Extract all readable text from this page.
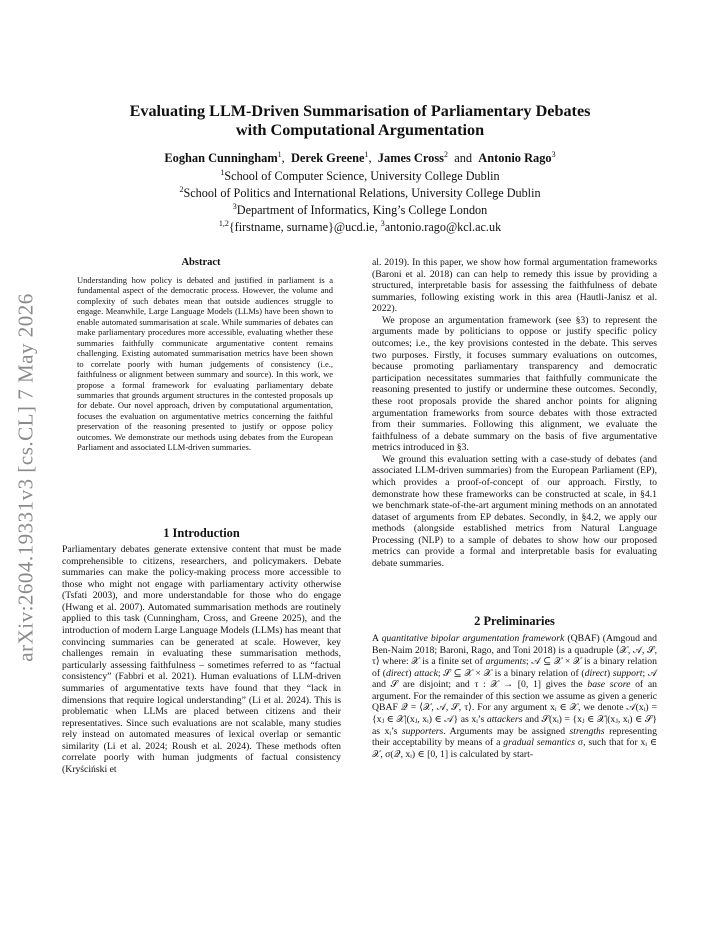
arXiv:2604.19331v3 [cs.CL] 7 May 2026
Evaluating LLM-Driven Summarisation of Parliamentary Debates
with Computational Argumentation
Eoghan Cunningham$^1$, Derek Greene$^1$, James Cross$^2$ and Antonio Rago$^3$
$^1$School of Computer Science, University College Dublin
$^2$School of Politics and International Relations, University College Dublin
$^3$Department of Informatics, King’s College London
$^{1,2}${firstname, surname}@ucd.ie, $^3$antonio.rago@kcl.ac.uk
Abstract
Understanding how policy is debated and justified in parliament is a fundamental aspect of the democratic process. However, the volume and complexity of such debates mean that outside audiences struggle to engage. Meanwhile, Large Language Models (LLMs) have been shown to enable automated summarisation at scale. While summaries of debates can make parliamentary procedures more accessible, evaluating whether these summaries faithfully communicate argumentative content remains challenging. Existing automated summarisation metrics have been shown to correlate poorly with human judgements of consistency (i.e., faithfulness or alignment between summary and source). In this work, we propose a formal framework for evaluating parliamentary debate summaries that grounds argument structures in the contested proposals up for debate. Our novel approach, driven by computational argumentation, focuses the evaluation on argumentative metrics concerning the faithful preservation of the reasoning presented to justify or oppose policy outcomes. We demonstrate our methods using debates from the European Parliament and associated LLM-driven summaries.
1 Introduction

Parliamentary debates generate extensive content that must be made comprehensible to citizens, researchers, and policymakers. Debate summaries can make the policy-making process more accessible to those who might not engage with parliamentary activity otherwise (Tsfati 2003), and more understandable for those who do engage (Hwang et al. 2007). Automated summarisation methods are routinely applied to this task (Cunningham, Cross, and Greene 2025), and the introduction of modern Large Language Models (LLMs) has meant that convincing summaries can be generated at scale. However, key challenges remain in evaluating these summarisation methods, particularly assessing faithfulness – sometimes referred to as “factual consistency” (Fabbri et al. 2021). Human evaluations of LLM-driven summaries of argumentative texts have found that they “lack in dimensions that require logical understanding” (Li et al. 2024). This is problematic when LLMs are placed between citizens and their representatives. Since such evaluations are not scalable, many studies rely instead on automated measures of lexical overlap or semantic similarity (Li et al. 2024; Roush et al. 2024). These methods often correlate poorly with human judgments of factual consistency (Kryściński et

al. 2019). In this paper, we show how formal argumentation frameworks (Baroni et al. 2018) can can help to remedy this issue by providing a structured, interpretable basis for assessing the faithfulness of debate summaries, following existing work in this area (Hautli-Janisz et al. 2022).

We propose an argumentation framework (see §3) to represent the arguments made by politicians to oppose or justify specific policy outcomes; i.e., the key provisions contested in the debate. This serves two purposes. Firstly, it focuses summary evaluations on outcomes, because promoting parliamentary transparency and democratic participation necessitates summaries that faithfully communicate the reasoning presented to justify or undermine these outcomes. Secondly, these root proposals provide the shared anchor points for aligning argumentation frameworks from source debates with those extracted from their summaries. Following this alignment, we evaluate the faithfulness of a debate summary on the basis of five argumentative metrics introduced in §3.

We ground this evaluation setting with a case-study of debates (and associated LLM-driven summaries) from the European Parliament (EP), which provides a proof-of-concept of our approach. Firstly, to demonstrate how these frameworks can be constructed at scale, in §4.1 we benchmark state-of-the-art argument mining methods on an annotated dataset of arguments from EP debates. Secondly, in §4.2, we apply our methods (alongside established metrics from Natural Language Processing (NLP) to a sample of debates to show how our proposed metrics can provide a formal and interpretable basis for evaluating debate summaries.

2 Preliminaries

A quantitative bipolar argumentation framework (QBAF) (Amgoud and Ben-Naim 2018; Baroni, Rago, and Toni 2018) is a quadruple ⟨𝒳, 𝒜, 𝒮, τ⟩ where: 𝒳 is a finite set of arguments; 𝒜 ⊆ 𝒳 × 𝒳 is a binary relation of (direct) attack; 𝒮 ⊆ 𝒳 × 𝒳 is a binary relation of (direct) support; 𝒜 and 𝒮 are disjoint; and τ : 𝒳 → [0, 1] gives the base score of an argument. For the remainder of this section we assume as given a generic QBAF 𝒬 = ⟨𝒳, 𝒜, 𝒮, τ⟩. For any argument xᵢ ∈ 𝒳, we denote 𝒜(xᵢ) = {xⱼ ∈ 𝒳|(xⱼ, xᵢ) ∈ 𝒜} as xᵢ’s attackers and 𝒮(xᵢ) = {xⱼ ∈ 𝒳|(xⱼ, xᵢ) ∈ 𝒮} as xᵢ’s supporters. Arguments may be assigned strengths representing their acceptability by means of a gradual semantics σ, such that for xᵢ ∈ 𝒳, σ(𝒬, xᵢ) ∈ [0, 1] is calculated by start-
